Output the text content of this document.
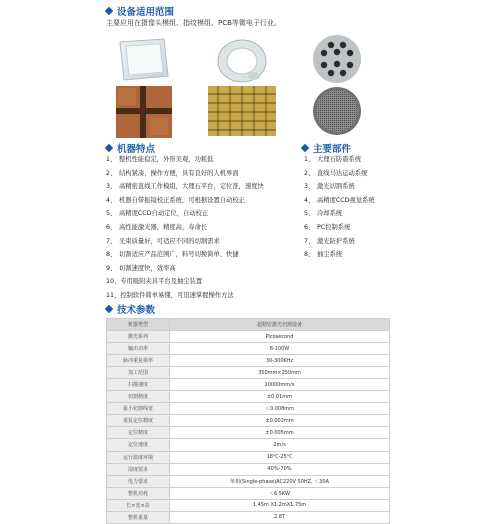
设备适用范围
主要应用在摄像头模组、指纹模组、PCB等微电子行业。
机器特点
1、 整机性能稳定，外形美观，功耗低
2、 结构紧凑，操作方便，具有良好的人机界面
3、 高精密直线工作模组，大理石平台，定位准，速度快
4、 机器自带振镜校正系统，可根据设置自动校正
5、 高精度CCD自动定位，自动校正
6、 高性能激光器，精度高，寿命长
7、 光束质量好，可适应不同的切割需求
8、 切割适应产品范围广，料号切换简单、快捷
9、 切割速度快，效率高
10、专用吸附夹具平台及抽尘装置
11、控制软件简单易懂，可迅速掌握操作方法
主要部件
1、 大理石防震系统
2、 直线马达运动系统
3、 激光切割系统
4、 高精度CCD视觉系统
5、 冷却系统
6、 PC控制系统
7、 激光防护系统
8、 抽尘系统
技术参数
机器类型	超精密激光切割设备
激光系列	Picosecond
输出功率	8-100W
脉冲重复频率	30-300KHz
加工范围	350mm×250mm
扫描速度	10000mm/s
切割精度	±0.01mm
最小切割线宽	＜0.008mm
重复定位精度	±0.002mm
定位精度	±0.005mm
定位速度	2m/s
运行温度环境	18℃-25℃
湿度要求	40%-70%
电力要求	单相(Single-phase)AC220V 50HZ, ＜30A
整机功耗	＜6.5KW
长×宽×高	1.45m X1.2mX1.75m
整机重量	2.8T
